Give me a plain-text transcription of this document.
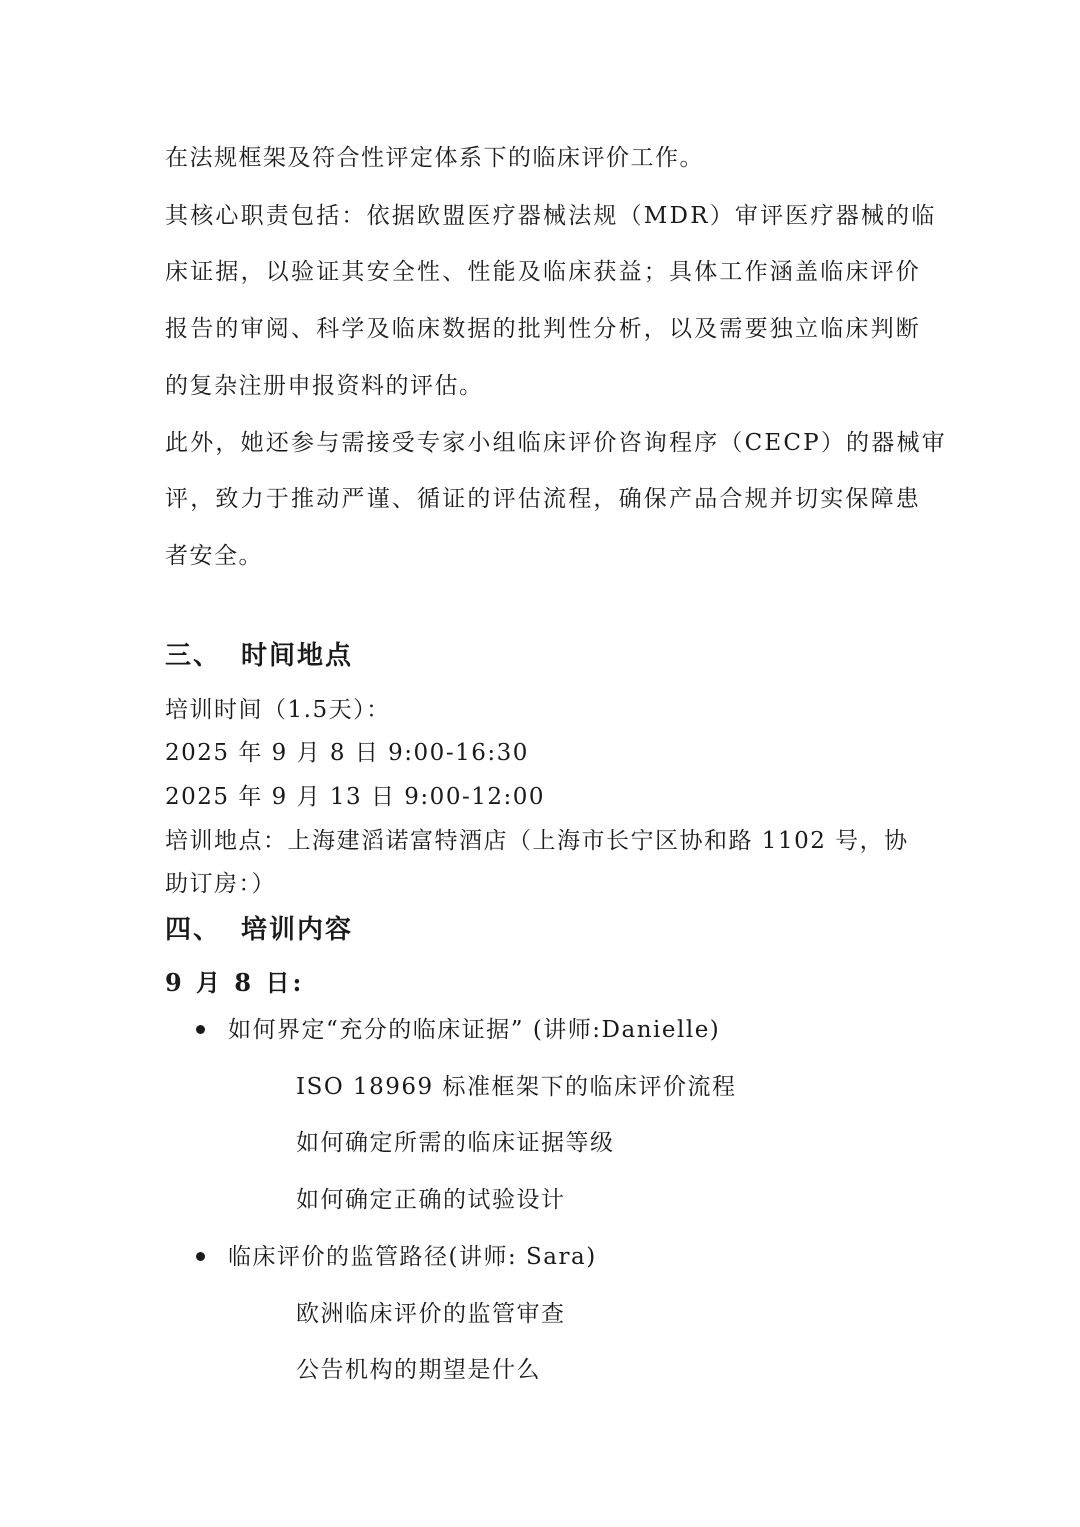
在法规框架及符合性评定体系下的临床评价工作。
其核心职责包括：依据欧盟医疗器械法规（MDR）审评医疗器械的临
床证据，以验证其安全性、性能及临床获益；具体工作涵盖临床评价
报告的审阅、科学及临床数据的批判性分析，以及需要独立临床判断
的复杂注册申报资料的评估。
此外，她还参与需接受专家小组临床评价咨询程序（CECP）的器械审
评，致力于推动严谨、循证的评估流程，确保产品合规并切实保障患
者安全。
三、 时间地点
培训时间（1.5天）：
2025 年 9 月 8 日 9:00-16:30
2025 年 9 月 13 日 9:00-12:00
培训地点：上海建滔诺富特酒店（上海市长宁区协和路 1102 号，协
助订房：）
四、 培训内容
9 月 8 日:
如何界定“充分的临床证据” (讲师:Danielle)
ISO 18969 标准框架下的临床评价流程
如何确定所需的临床证据等级
如何确定正确的试验设计
临床评价的监管路径(讲师: Sara)
欧洲临床评价的监管审查
公告机构的期望是什么
